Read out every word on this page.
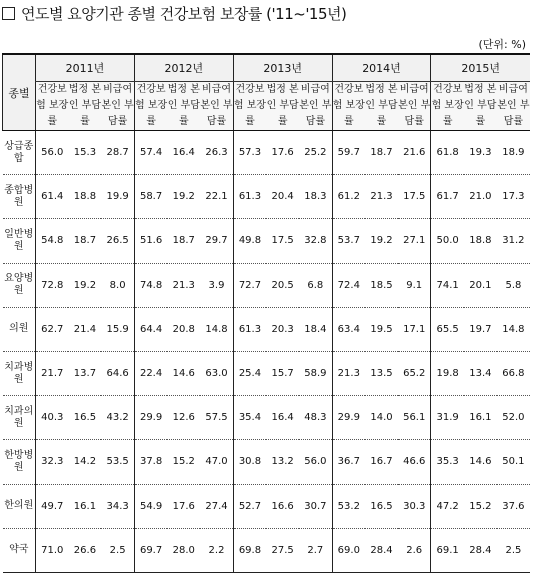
연도별 요양기관 종별 건강보험 보장률 ('11~'15년)
(단위: %)
종별	2011년			2012년			2013년			2014년			2015년		
	건강보험 보장률	법정 본인 부담률	비급여 본인 부담률	건강보험 보장률	법정 본인 부담률	비급여 본인 부담률	건강보험 보장률	법정 본인 부담률	비급여 본인 부담률	건강보험 보장률	법정 본인 부담률	비급여 본인 부담률	건강보험 보장률	법정 본인 부담률	비급여 본인 부담률
상급종합	56.0	15.3	28.7	57.4	16.4	26.3	57.3	17.6	25.2	59.7	18.7	21.6	61.8	19.3	18.9
종합병원	61.4	18.8	19.9	58.7	19.2	22.1	61.3	20.4	18.3	61.2	21.3	17.5	61.7	21.0	17.3
일반병원	54.8	18.7	26.5	51.6	18.7	29.7	49.8	17.5	32.8	53.7	19.2	27.1	50.0	18.8	31.2
요양병원	72.8	19.2	8.0	74.8	21.3	3.9	72.7	20.5	6.8	72.4	18.5	9.1	74.1	20.1	5.8
의원	62.7	21.4	15.9	64.4	20.8	14.8	61.3	20.3	18.4	63.4	19.5	17.1	65.5	19.7	14.8
치과병원	21.7	13.7	64.6	22.4	14.6	63.0	25.4	15.7	58.9	21.3	13.5	65.2	19.8	13.4	66.8
치과의원	40.3	16.5	43.2	29.9	12.6	57.5	35.4	16.4	48.3	29.9	14.0	56.1	31.9	16.1	52.0
한방병원	32.3	14.2	53.5	37.8	15.2	47.0	30.8	13.2	56.0	36.7	16.7	46.6	35.3	14.6	50.1
한의원	49.7	16.1	34.3	54.9	17.6	27.4	52.7	16.6	30.7	53.2	16.5	30.3	47.2	15.2	37.6
약국	71.0	26.6	2.5	69.7	28.0	2.2	69.8	27.5	2.7	69.0	28.4	2.6	69.1	28.4	2.5
